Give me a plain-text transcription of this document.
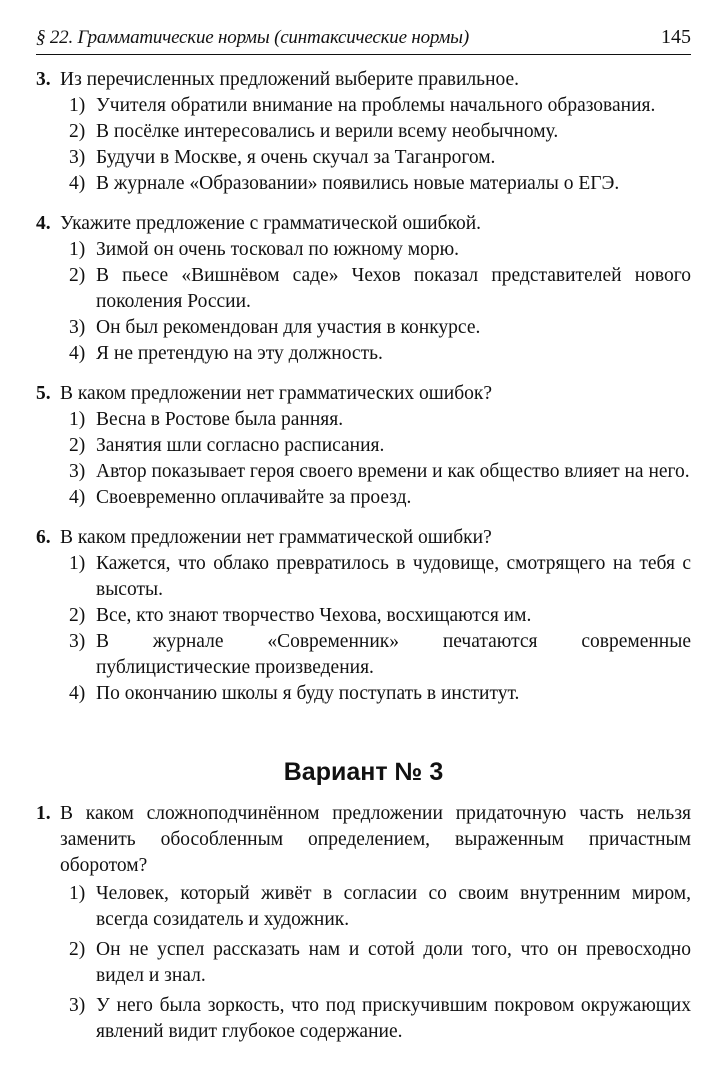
§ 22. Грамматические нормы (синтаксические нормы)	145
3. Из перечисленных предложений выберите правильное.
1) Учителя обратили внимание на проблемы начального образования.
2) В посёлке интересовались и верили всему необычному.
3) Будучи в Москве, я очень скучал за Таганрогом.
4) В журнале «Образовании» появились новые материалы о ЕГЭ.
4. Укажите предложение с грамматической ошибкой.
1) Зимой он очень тосковал по южному морю.
2) В пьесе «Вишнёвом саде» Чехов показал представителей нового поколения России.
3) Он был рекомендован для участия в конкурсе.
4) Я не претендую на эту должность.
5. В каком предложении нет грамматических ошибок?
1) Весна в Ростове была ранняя.
2) Занятия шли согласно расписания.
3) Автор показывает героя своего времени и как общество влияет на него.
4) Своевременно оплачивайте за проезд.
6. В каком предложении нет грамматической ошибки?
1) Кажется, что облако превратилось в чудовище, смотрящего на тебя с высоты.
2) Все, кто знают творчество Чехова, восхищаются им.
3) В журнале «Современник» печатаются современные публицистические произведения.
4) По окончанию школы я буду поступать в институт.
Вариант № 3
1. В каком сложноподчинённом предложении придаточную часть нельзя заменить обособленным определением, выраженным причастным оборотом?
1) Человек, который живёт в согласии со своим внутренним миром, всегда созидатель и художник.
2) Он не успел рассказать нам и сотой доли того, что он превосходно видел и знал.
3) У него была зоркость, что под прискучившим покровом окружающих явлений видит глубокое содержание.
